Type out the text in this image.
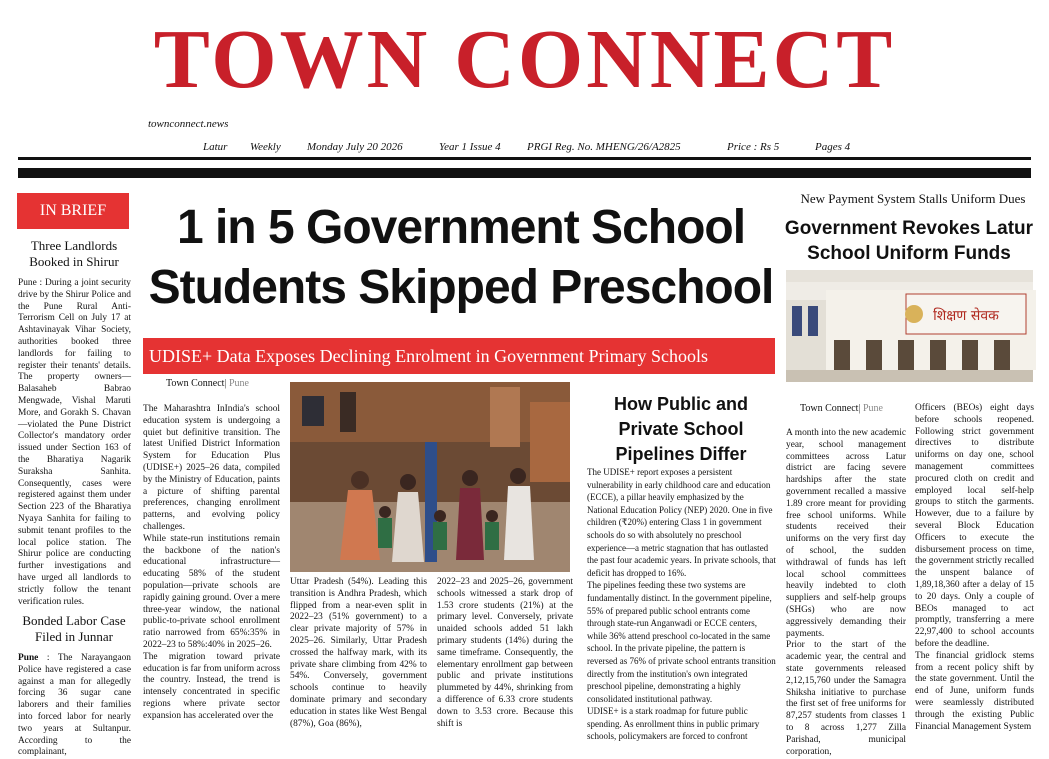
TOWN CONNECT
townconnect.news
Latur Weekly Monday July 20 2026	Year 1 Issue 4 PRGI Reg. No. MHENG/26/A2825	Price : Rs 5	Pages 4
IN BRIEF
Three Landlords Booked in Shirur
Pune : During a joint security drive by the Shirur Police and the Pune Rural Anti-Terrorism Cell on July 17 at Ashtavinayak Vihar Society, authorities booked three landlords for failing to register their tenants' details. The property owners—Balasaheb Babrao Mengwade, Vishal Maruti More, and Gorakh S. Chavan—violated the Pune District Collector's mandatory order issued under Section 163 of the Bharatiya Nagarik Suraksha Sanhita. Consequently, cases were registered against them under Section 223 of the Bharatiya Nyaya Sanhita for failing to submit tenant profiles to the local police station. The Shirur police are conducting further investigations and have urged all landlords to strictly follow the tenant verification rules.
Bonded Labor Case Filed in Junnar
Pune : The Narayangaon Police have registered a case against a man for allegedly forcing 36 sugar cane laborers and their families into forced labor for nearly two years at Sultanpur. According to the complainant,
1 in 5 Government School Students Skipped Preschool
UDISE+ Data Exposes Declining Enrolment in Government Primary Schools
Town Connect| Pune
The Maharashtra InIndia's school education system is undergoing a quiet but definitive transition. The latest Unified District Information System for Education Plus (UDISE+) 2025–26 data, compiled by the Ministry of Education, paints a picture of shifting parental preferences, changing enrollment patterns, and evolving policy challenges.
While state-run institutions remain the backbone of the nation's educational infrastructure—educating 58% of the student population—private schools are rapidly gaining ground. Over a mere three-year window, the national public-to-private school enrollment ratio narrowed from 65%:35% in 2022–23 to 58%:40% in 2025–26.
The migration toward private education is far from uniform across the country. Instead, the trend is intensely concentrated in specific regions where private sector expansion has accelerated over the
Uttar Pradesh (54%). Leading this transition is Andhra Pradesh, which flipped from a near-even split in 2022–23 (51% government) to a clear private majority of 57% in 2025–26. Similarly, Uttar Pradesh crossed the halfway mark, with its private share climbing from 42% to 54%. Conversely, government schools continue to heavily dominate primary and secondary education in states like West Bengal (87%), Goa (86%),
How Public and Private School Pipelines Differ
The UDISE+ report exposes a persistent vulnerability in early childhood care and education (ECCE), a pillar heavily emphasized by the National Education Policy (NEP) 2020. One in five children (₹20%) entering Class 1 in government schools do so with absolutely no preschool experience—a metric stagnation that has outlasted the past four academic years. In private schools, that deficit has dropped to 16%.
The pipelines feeding these two systems are fundamentally distinct. In the government pipeline, 55% of prepared public school entrants come through state-run Anganwadi or ECCE centers, while 36% attend preschool co-located in the same school. In the private pipeline, the pattern is reversed as 76% of private school entrants transition directly from the institution's own integrated preschool pipeline, demonstrating a highly consolidated institutional pathway.
UDISE+ is a stark roadmap for future public spending. As enrollment thins in public primary schools, policymakers are forced to confront
2022–23 and 2025–26, government schools witnessed a stark drop of 1.53 crore students (21%) at the primary level. Conversely, private unaided schools added 51 lakh primary students (14%) during the same timeframe. Consequently, the elementary enrollment gap between public and private institutions plummeted by 44%, shrinking from a difference of 6.33 crore students down to 3.53 crore. Because this shift is
New Payment System Stalls Uniform Dues
Government Revokes Latur School Uniform Funds
शिक्षण सेवक
Town Connect| Pune
A month into the new academic year, school management committees across Latur district are facing severe hardships after the state government recalled a massive 1.89 crore meant for providing free school uniforms. While students received their uniforms on the very first day of school, the sudden withdrawal of funds has left local school committees heavily indebted to cloth suppliers and self-help groups (SHGs) who are now aggressively demanding their payments.
Prior to the start of the academic year, the central and state governments released 2,12,15,760 under the Samagra Shiksha initiative to purchase the first set of free uniforms for 87,257 students from classes 1 to 8 across 1,277 Zilla Parishad, municipal corporation,
Officers (BEOs) eight days before schools reopened. Following strict government directives to distribute uniforms on day one, school management committees procured cloth on credit and employed local self-help groups to stitch the garments. However, due to a failure by several Block Education Officers to execute the disbursement process on time, the government strictly recalled the unspent balance of 1,89,18,360 after a delay of 15 to 20 days. Only a couple of BEOs managed to act promptly, transferring a mere 22,97,400 to school accounts before the deadline.
The financial gridlock stems from a recent policy shift by the state government. Until the end of June, uniform funds were seamlessly distributed through the existing Public Financial Management System
